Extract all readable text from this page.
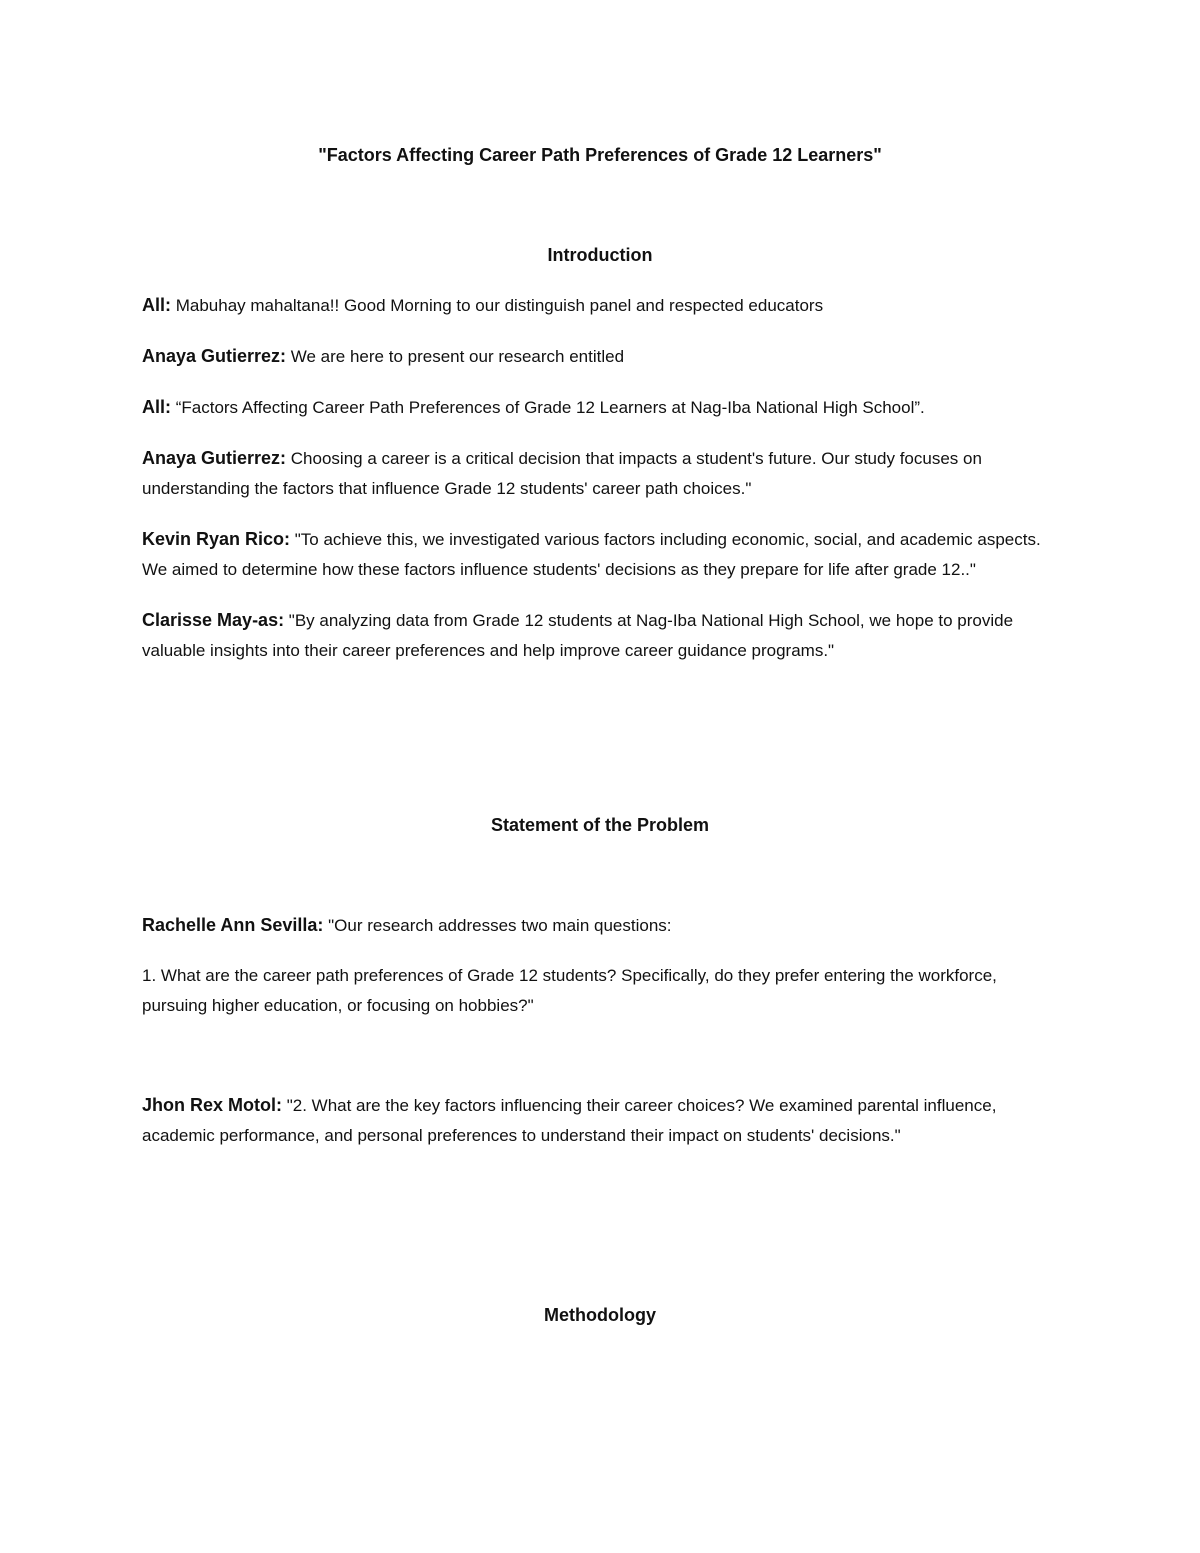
"Factors Affecting Career Path Preferences of Grade 12 Learners"
Introduction

All: Mabuhay mahaltana!! Good Morning to our distinguish panel and respected educators

Anaya Gutierrez: We are here to present our research entitled

All: “Factors Affecting Career Path Preferences of Grade 12 Learners at Nag-Iba National High School”.

Anaya Gutierrez: Choosing a career is a critical decision that impacts a student's future. Our study focuses on understanding the factors that influence Grade 12 students' career path choices."

Kevin Ryan Rico: "To achieve this, we investigated various factors including economic, social, and academic aspects. We aimed to determine how these factors influence students' decisions as they prepare for life after grade 12.."

Clarisse May-as: "By analyzing data from Grade 12 students at Nag-Iba National High School, we hope to provide valuable insights into their career preferences and help improve career guidance programs."

Statement of the Problem

Rachelle Ann Sevilla: "Our research addresses two main questions:

1. What are the career path preferences of Grade 12 students? Specifically, do they prefer entering the workforce, pursuing higher education, or focusing on hobbies?"

Jhon Rex Motol: "2. What are the key factors influencing their career choices? We examined parental influence, academic performance, and personal preferences to understand their impact on students' decisions."

Methodology
